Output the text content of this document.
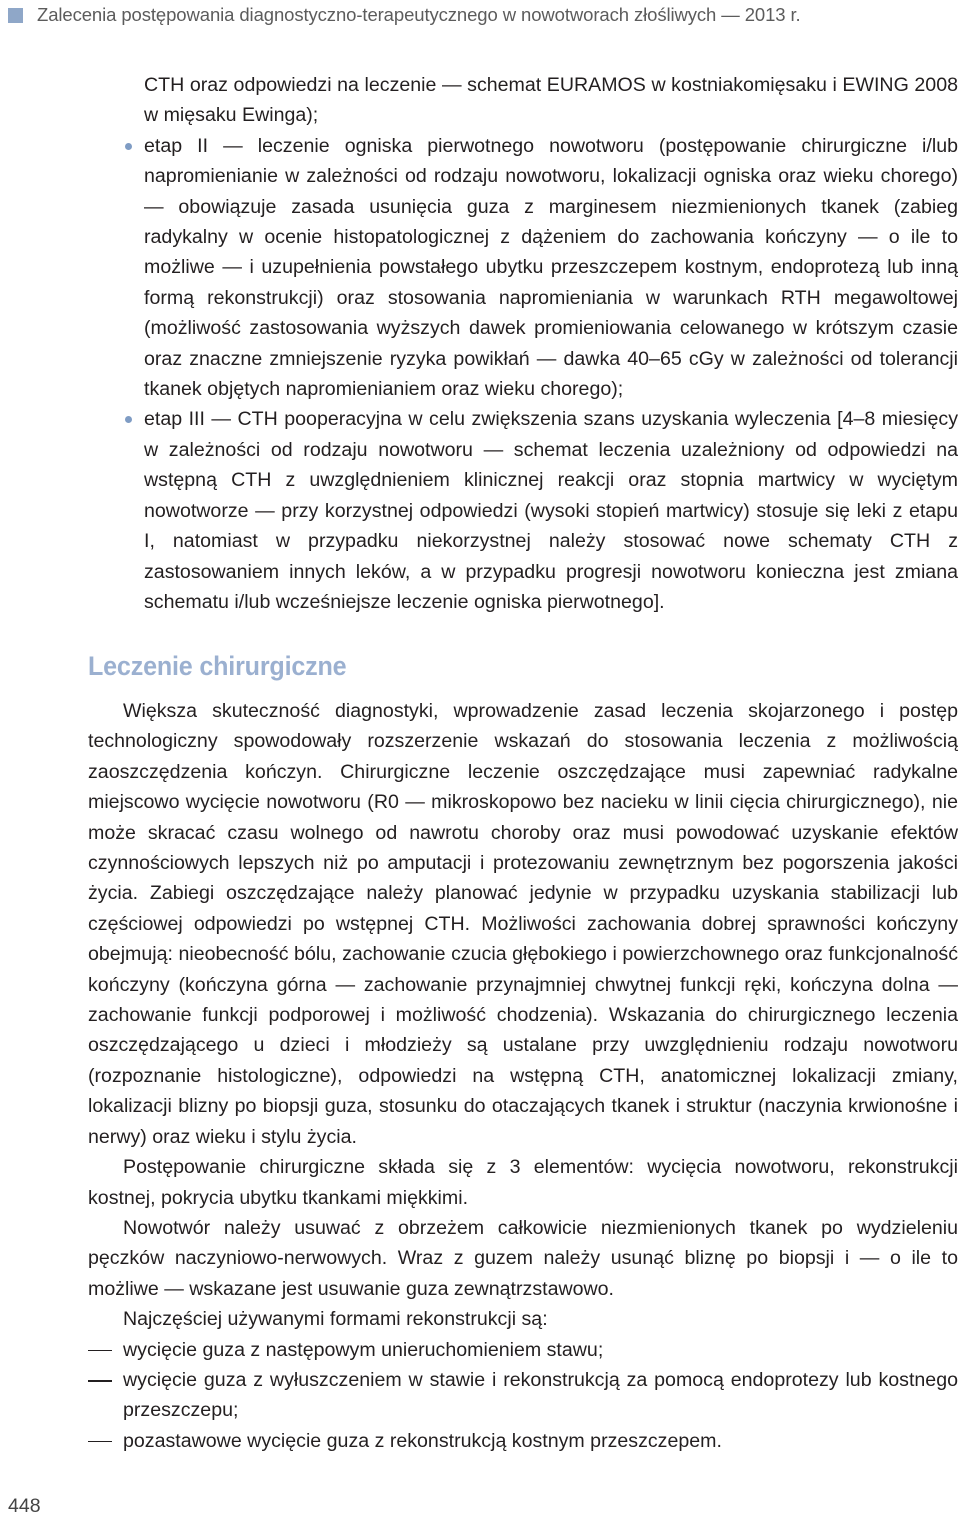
Zalecenia postępowania diagnostyczno-terapeutycznego w nowotworach złośliwych — 2013 r.

CTH oraz odpowiedzi na leczenie — schemat EURAMOS w kostniakomięsaku i EWING 2008 w mięsaku Ewinga);

etap II — leczenie ogniska pierwotnego nowotworu (postępowanie chirurgiczne i/lub napromienianie w zależności od rodzaju nowotworu, lokalizacji ogniska oraz wieku chorego) — obowiązuje zasada usunięcia guza z marginesem niezmienionych tkanek (zabieg radykalny w ocenie histopatologicznej z dążeniem do zachowania kończyny — o ile to możliwe — i uzupełnienia powstałego ubytku przeszczepem kostnym, endoprotezą lub inną formą rekonstrukcji) oraz stosowania napromieniania w warunkach RTH megawoltowej (możliwość zastosowania wyższych dawek promieniowania celowanego w krótszym czasie oraz znaczne zmniejszenie ryzyka powikłań — dawka 40–65 cGy w zależności od tolerancji tkanek objętych napromienianiem oraz wieku chorego);

etap III — CTH pooperacyjna w celu zwiększenia szans uzyskania wyleczenia [4–8 miesięcy w zależności od rodzaju nowotworu — schemat leczenia uzależniony od odpowiedzi na wstępną CTH z uwzględnieniem klinicznej reakcji oraz stopnia martwicy w wyciętym nowotworze — przy korzystnej odpowiedzi (wysoki stopień martwicy) stosuje się leki z etapu I, natomiast w przypadku niekorzystnej należy stosować nowe schematy CTH z zastosowaniem innych leków, a w przypadku progresji nowotworu konieczna jest zmiana schematu i/lub wcześniejsze leczenie ogniska pierwotnego].

Leczenie chirurgiczne

Większa skuteczność diagnostyki, wprowadzenie zasad leczenia skojarzonego i postęp technologiczny spowodowały rozszerzenie wskazań do stosowania leczenia z możliwością zaoszczędzenia kończyn. Chirurgiczne leczenie oszczędzające musi zapewniać radykalne miejscowo wycięcie nowotworu (R0 — mikroskopowo bez nacieku w linii cięcia chirurgicznego), nie może skracać czasu wolnego od nawrotu choroby oraz musi powodować uzyskanie efektów czynnościowych lepszych niż po amputacji i protezowaniu zewnętrznym bez pogorszenia jakości życia. Zabiegi oszczędzające należy planować jedynie w przypadku uzyskania stabilizacji lub częściowej odpowiedzi po wstępnej CTH. Możliwości zachowania dobrej sprawności kończyny obejmują: nieobecność bólu, zachowanie czucia głębokiego i powierzchownego oraz funkcjonalność kończyny (kończyna górna — zachowanie przynajmniej chwytnej funkcji ręki, kończyna dolna — zachowanie funkcji podporowej i możliwość chodzenia). Wskazania do chirurgicznego leczenia oszczędzającego u dzieci i młodzieży są ustalane przy uwzględnieniu rodzaju nowotworu (rozpoznanie histologiczne), odpowiedzi na wstępną CTH, anatomicznej lokalizacji zmiany, lokalizacji blizny po biopsji guza, stosunku do otaczających tkanek i struktur (naczynia krwionośne i nerwy) oraz wieku i stylu życia.

Postępowanie chirurgiczne składa się z 3 elementów: wycięcia nowotworu, rekonstrukcji kostnej, pokrycia ubytku tkankami miękkimi.

Nowotwór należy usuwać z obrzeżem całkowicie niezmienionych tkanek po wydzieleniu pęczków naczyniowo-nerwowych. Wraz z guzem należy usunąć bliznę po biopsji i — o ile to możliwe — wskazane jest usuwanie guza zewnątrzstawowo.

Najczęściej używanymi formami rekonstrukcji są:

wycięcie guza z następowym unieruchomieniem stawu;
wycięcie guza z wyłuszczeniem w stawie i rekonstrukcją za pomocą endoprotezy lub kostnego przeszczepu;
pozastawowe wycięcie guza z rekonstrukcją kostnym przeszczepem.
448
